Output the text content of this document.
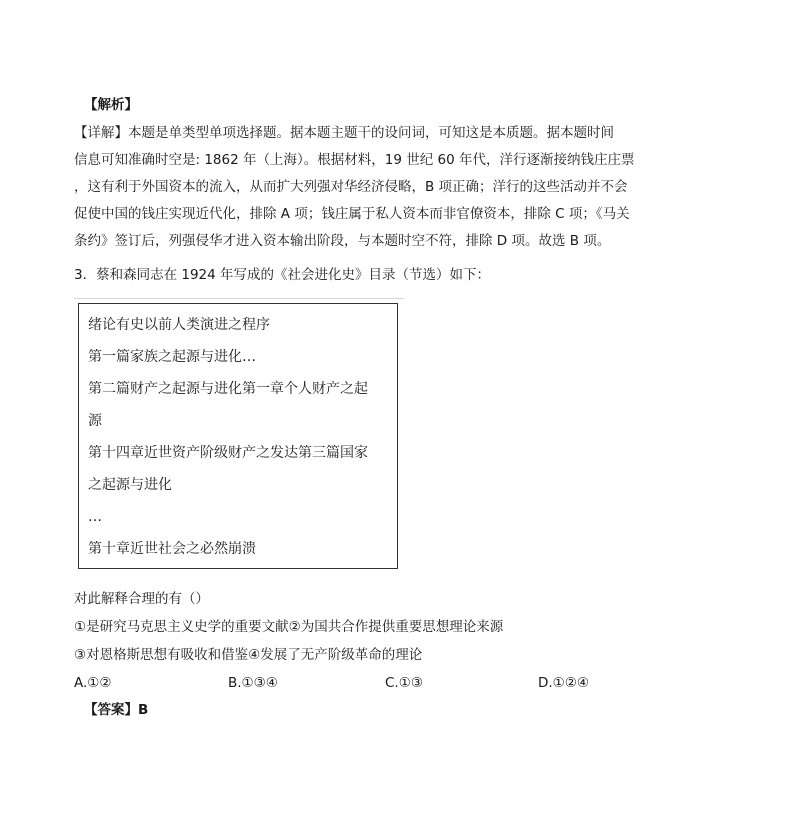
【解析】
【详解】本题是单类型单项选择题。据本题主题干的设问词，可知这是本质题。据本题时间
信息可知准确时空是: 1862 年（上海）。根据材料，19 世纪 60 年代，洋行逐渐接纳钱庄庄票
，这有利于外国资本的流入，从而扩大列强对华经济侵略，B 项正确；洋行的这些活动并不会
促使中国的钱庄实现近代化，排除 A 项；钱庄属于私人资本而非官僚资本，排除 C 项；《马关
条约》签订后，列强侵华才进入资本输出阶段，与本题时空不符，排除 D 项。故选 B 项。
3．蔡和森同志在 1924 年写成的《社会进化史》目录（节选）如下：
绪论有史以前人类演进之程序
第一篇家族之起源与进化…
第二篇财产之起源与进化第一章个人财产之起
源
第十四章近世资产阶级财产之发达第三篇国家
之起源与进化
…
第十章近世社会之必然崩溃
对此解释合理的有（）
①是研究马克思主义史学的重要文献②为国共合作提供重要思想理论来源
③对恩格斯思想有吸收和借鉴④发展了无产阶级革命的理论
A.①②	B.①③④	C.①③	D.①②④
【答案】B
